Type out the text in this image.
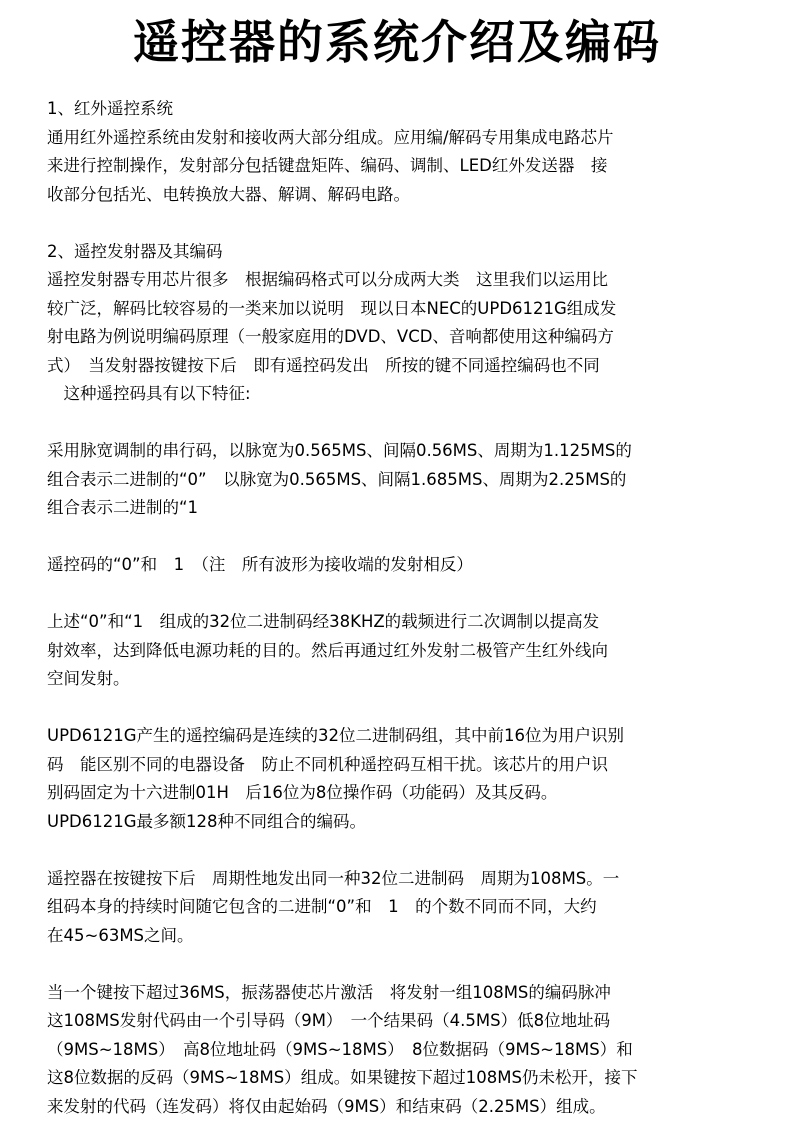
遥控器的系统介绍及编码
1、红外遥控系统
通用红外遥控系统由发射和接收两大部分组成。应用编/解码专用集成电路芯片
来进行控制操作，发射部分包括键盘矩阵、编码、调制、LED红外发送器　接
收部分包括光、电转换放大器、解调、解码电路。
2、遥控发射器及其编码
遥控发射器专用芯片很多　根据编码格式可以分成两大类　这里我们以运用比
较广泛，解码比较容易的一类来加以说明　现以日本NEC的UPD6121G组成发
射电路为例说明编码原理（一般家庭用的DVD、VCD、音响都使用这种编码方
式）　当发射器按键按下后　即有遥控码发出　所按的键不同遥控编码也不同
　这种遥控码具有以下特征:
采用脉宽调制的串行码，以脉宽为0.565MS、间隔0.56MS、周期为1.125MS的
组合表示二进制的“0”　以脉宽为0.565MS、间隔1.685MS、周期为2.25MS的
组合表示二进制的“1
遥控码的“0”和　1　（注　所有波形为接收端的发射相反）
上述“0”和“1　组成的32位二进制码经38KHZ的载频进行二次调制以提高发
射效率，达到降低电源功耗的目的。然后再通过红外发射二极管产生红外线向
空间发射。
UPD6121G产生的遥控编码是连续的32位二进制码组，其中前16位为用户识别
码　能区别不同的电器设备　防止不同机种遥控码互相干扰。该芯片的用户识
别码固定为十六进制01H　后16位为8位操作码（功能码）及其反码。
UPD6121G最多额128种不同组合的编码。
遥控器在按键按下后　周期性地发出同一种32位二进制码　周期为108MS。一
组码本身的持续时间随它包含的二进制“0”和　1　的个数不同而不同，大约
在45~63MS之间。
当一个键按下超过36MS，振荡器使芯片激活　将发射一组108MS的编码脉冲
这108MS发射代码由一个引导码（9M）　一个结果码（4.5MS）低8位地址码
（9MS~18MS）　高8位地址码（9MS~18MS）　8位数据码（9MS~18MS）和
这8位数据的反码（9MS~18MS）组成。如果键按下超过108MS仍未松开，接下
来发射的代码（连发码）将仅由起始码（9MS）和结束码（2.25MS）组成。
